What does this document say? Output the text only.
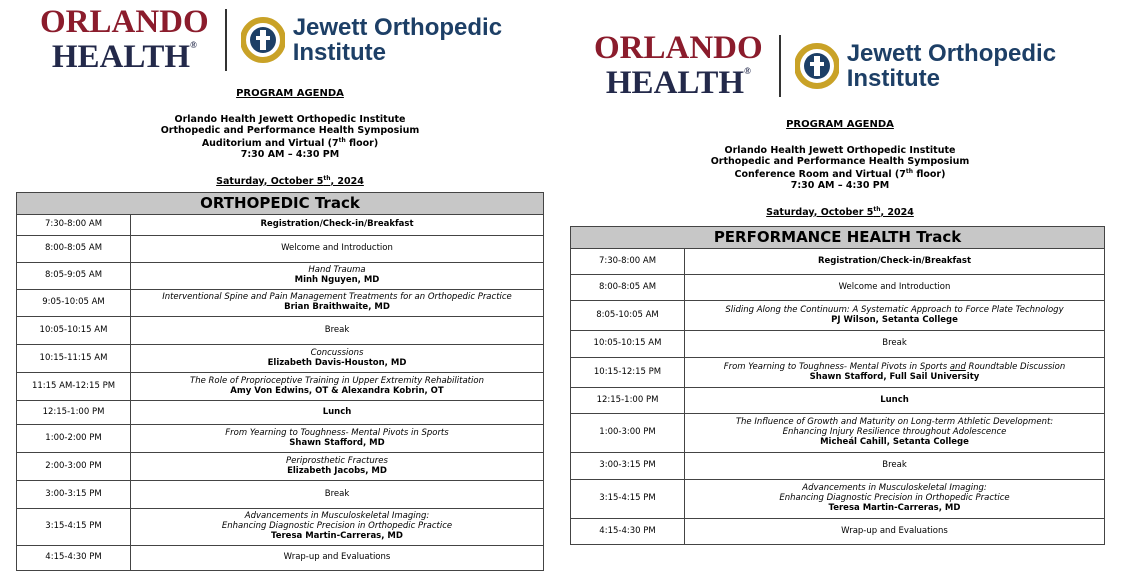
ORLANDO
HEALTH®
Jewett Orthopedic
Institute
PROGRAM AGENDA
Orlando Health Jewett Orthopedic Institute
Orthopedic and Performance Health Symposium
Auditorium and Virtual (7th floor)
7:30 AM – 4:30 PM
Saturday, October 5th, 2024
ORTHOPEDIC Track	
7:30-8:00 AM	Registration/Check-in/Breakfast
8:00-8:05 AM	Welcome and Introduction
8:05-9:05 AM	Hand Trauma
Minh Nguyen, MD

9:05-10:05 AM	Interventional Spine and Pain Management Treatments for an Orthopedic Practice
Brian Braithwaite, MD

10:05-10:15 AM	Break
10:15-11:15 AM	Concussions
Elizabeth Davis-Houston, MD

11:15 AM-12:15 PM	The Role of Proprioceptive Training in Upper Extremity Rehabilitation
Amy Von Edwins, OT & Alexandra Kobrin, OT

12:15-1:00 PM	Lunch
1:00-2:00 PM	From Yearning to Toughness- Mental Pivots in Sports
Shawn Stafford, MD

2:00-3:00 PM	Periprosthetic Fractures
Elizabeth Jacobs, MD

3:00-3:15 PM	Break
3:15-4:15 PM	Advancements in Musculoskeletal Imaging:
Enhancing Diagnostic Precision in Orthopedic Practice
Teresa Martin-Carreras, MD

4:15-4:30 PM	Wrap-up and Evaluations
ORLANDO
HEALTH®
Jewett Orthopedic
Institute
PROGRAM AGENDA
Orlando Health Jewett Orthopedic Institute
Orthopedic and Performance Health Symposium
Conference Room and Virtual (7th floor)
7:30 AM – 4:30 PM
Saturday, October 5th, 2024
PERFORMANCE HEALTH Track	
7:30-8:00 AM	Registration/Check-in/Breakfast
8:00-8:05 AM	Welcome and Introduction
8:05-10:05 AM	Sliding Along the Continuum: A Systematic Approach to Force Plate Technology
PJ Wilson, Setanta College

10:05-10:15 AM	Break
10:15-12:15 PM	From Yearning to Toughness- Mental Pivots in Sports and Roundtable Discussion
Shawn Stafford, Full Sail University

12:15-1:00 PM	Lunch
1:00-3:00 PM	The Influence of Growth and Maturity on Long-term Athletic Development:
Enhancing Injury Resilience throughout Adolescence
Micheál Cahill, Setanta College

3:00-3:15 PM	Break
3:15-4:15 PM	Advancements in Musculoskeletal Imaging:
Enhancing Diagnostic Precision in Orthopedic Practice
Teresa Martin-Carreras, MD

4:15-4:30 PM	Wrap-up and Evaluations
